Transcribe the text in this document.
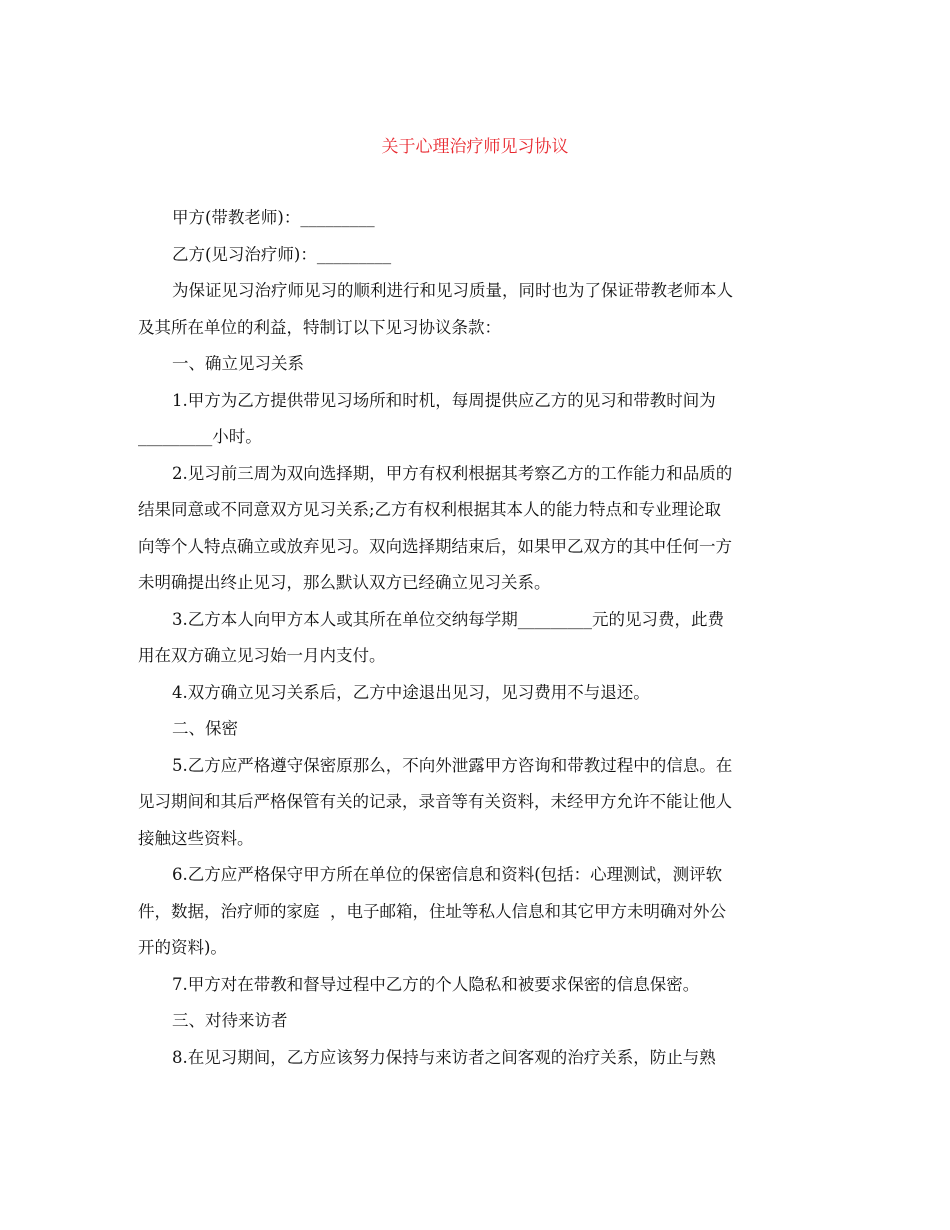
关于心理治疗师见习协议
甲方(带教老师)：_________
乙方(见习治疗师)：_________
为保证见习治疗师见习的顺利进行和见习质量，同时也为了保证带教老师本人
及其所在单位的利益，特制订以下见习协议条款：
一、确立见习关系
1.甲方为乙方提供带见习场所和时机，每周提供应乙方的见习和带教时间为
_________小时。
2.见习前三周为双向选择期，甲方有权利根据其考察乙方的工作能力和品质的
结果同意或不同意双方见习关系;乙方有权利根据其本人的能力特点和专业理论取
向等个人特点确立或放弃见习。双向选择期结束后，如果甲乙双方的其中任何一方
未明确提出终止见习，那么默认双方已经确立见习关系。
3.乙方本人向甲方本人或其所在单位交纳每学期_________元的见习费，此费
用在双方确立见习始一月内支付。
4.双方确立见习关系后，乙方中途退出见习，见习费用不与退还。
二、保密
5.乙方应严格遵守保密原那么，不向外泄露甲方咨询和带教过程中的信息。在
见习期间和其后严格保管有关的记录，录音等有关资料，未经甲方允许不能让他人
接触这些资料。
6.乙方应严格保守甲方所在单位的保密信息和资料(包括：心理测试，测评软
件，数据，治疗师的家庭  ，电子邮箱，住址等私人信息和其它甲方未明确对外公
开的资料)。
7.甲方对在带教和督导过程中乙方的个人隐私和被要求保密的信息保密。
三、对待来访者
8.在见习期间，乙方应该努力保持与来访者之间客观的治疗关系，防止与熟
